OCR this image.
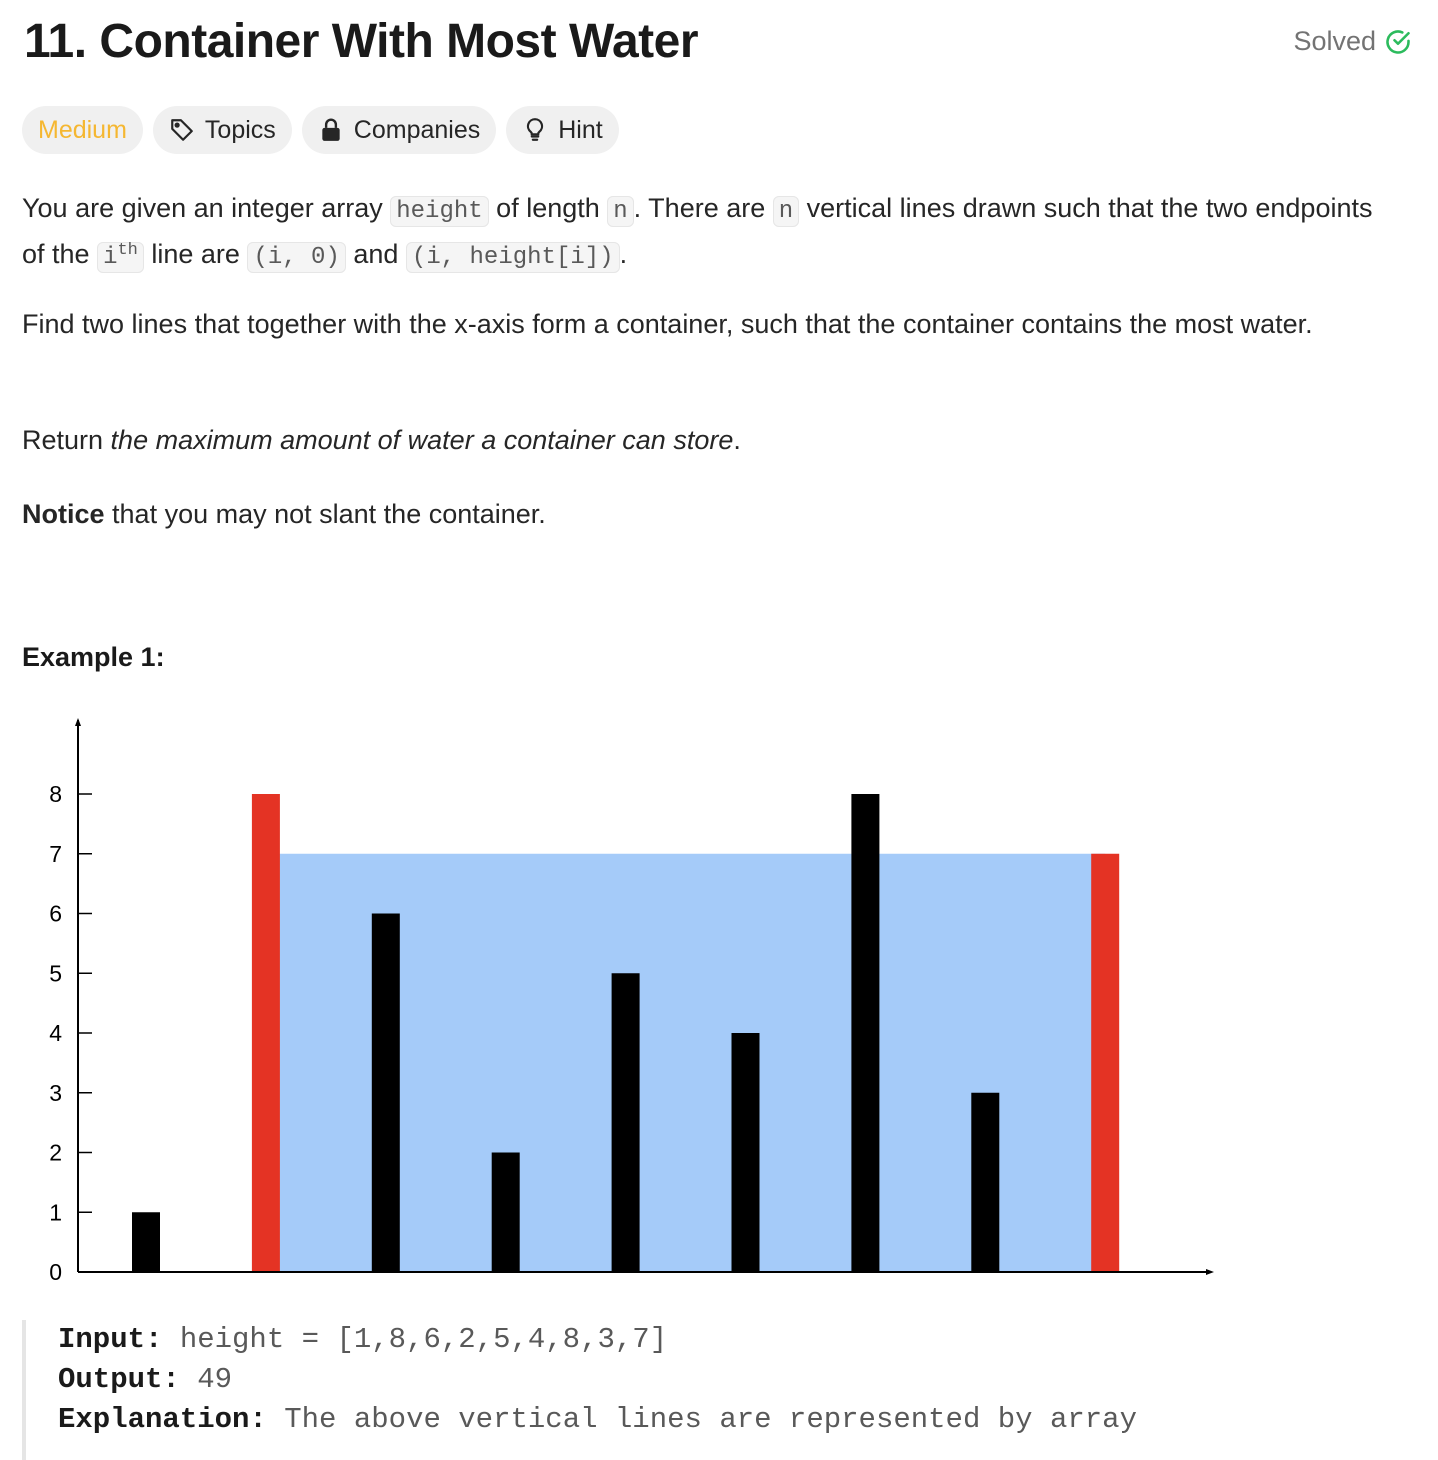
11. Container With Most Water	Solved
Medium	Topics	Companies	Hint

You are given an integer array height of length n . There are n vertical lines drawn such that the two endpoints of the $i^{th}$ line are (i, 0) and (i, height[i]) .

Find two lines that together with the x-axis form a container, such that the container contains the most water.

Return the maximum amount of water a container can store.

Notice that you may not slant the container.

Example 1:
0
1
2
3
4
5
6
7
8
Input: height = [1,8,6,2,5,4,8,3,7]
Output: 49
Explanation: The above vertical lines are represented by array
